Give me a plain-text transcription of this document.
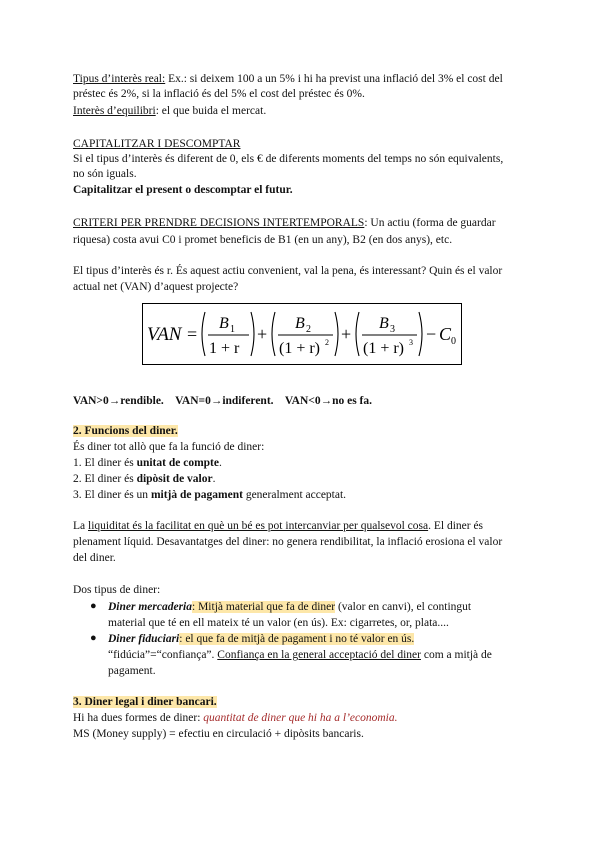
Tipus d’interès real: Ex.: si deixem 100 a un 5% i hi ha previst una inflació del 3% el cost del
préstec és 2%, si la inflació és del 5% el cost del préstec és 0%.
Interès d’equilibri: el que buida el mercat.
CAPITALITZAR I DESCOMPTAR
Si el tipus d’interès és diferent de 0, els € de diferents moments del temps no són equivalents,
no són iguals.
Capitalitzar el present o descomptar el futur.
CRITERI PER PRENDRE DECISIONS INTERTEMPORALS: Un actiu (forma de guardar
riquesa) costa avui C0 i promet beneficis de B1 (en un any), B2 (en dos anys), etc.
El tipus d’interès és r. És aquest actiu convenient, val la pena, és interessant? Quin és el valor
actual net (VAN) d’aquest projecte?
VAN =
B 1
1 + r
+
B 2
(1 + r) 2 +
B 3
(1 + r) 3 − C 0
VAN>0→rendible.    VAN=0→indiferent.    VAN<0→no es fa.
2. Funcions del diner.
És diner tot allò que fa la funció de diner:
1. El diner és unitat de compte.
2. El diner és dipòsit de valor.
3. El diner és un mitjà de pagament generalment acceptat.
La liquiditat és la facilitat en què un bé es pot intercanviar per qualsevol cosa. El diner és
plenament líquid. Desavantatges del diner: no genera rendibilitat, la inflació erosiona el valor
del diner.
Dos tipus de diner:
● Diner mercaderia: Mitjà material que fa de diner (valor en canvi), el contingut
material que té en ell mateix té un valor (en ús). Ex: cigarretes, or, plata....
● Diner fiduciari: el que fa de mitjà de pagament i no té valor en ús.
“fidúcia”=“confiança”. Confiança en la general acceptació del diner com a mitjà de
pagament.
3. Diner legal i diner bancari.
Hi ha dues formes de diner: quantitat de diner que hi ha a l’economia.
MS (Money supply) = efectiu en circulació + dipòsits bancaris.
